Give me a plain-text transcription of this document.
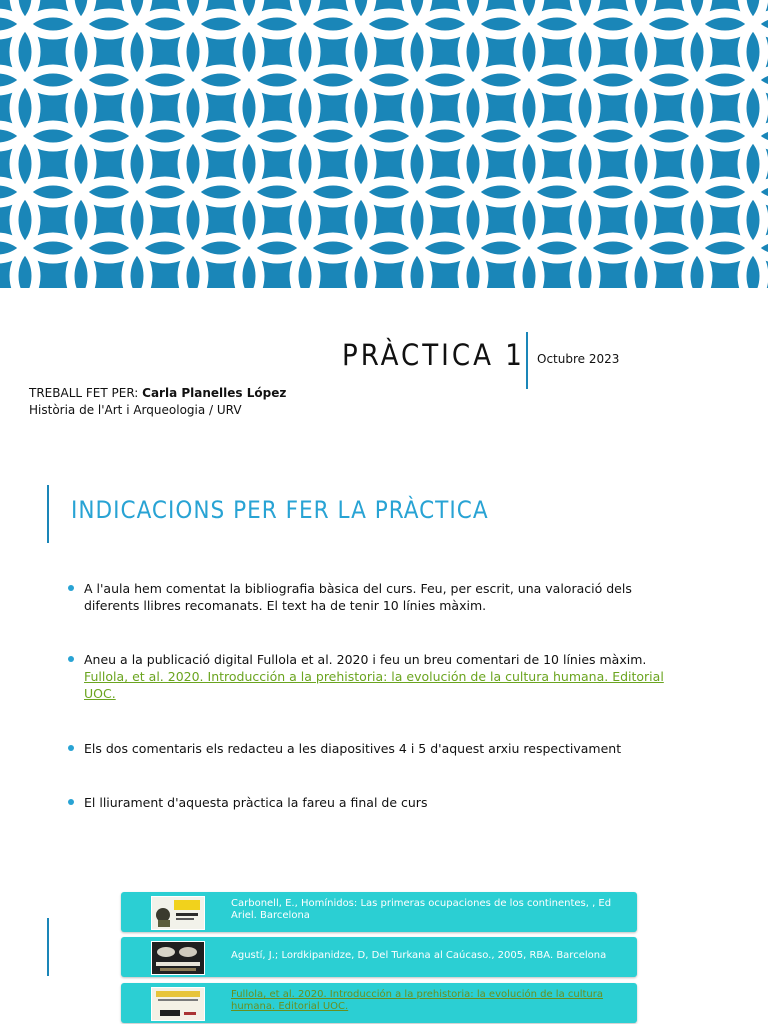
PRÀCTICA 1 Octubre 2023
TREBALL FET PER: Carla Planelles López
Història de l'Art i Arqueologia / URV
INDICACIONS PER FER LA PRÀCTICA
A l'aula hem comentat la bibliografia bàsica del curs. Feu, per escrit, una valoració dels diferents llibres recomanats. El text ha de tenir 10 línies màxim.
Aneu a la publicació digital Fullola et al. 2020 i feu un breu comentari de 10 línies màxim.
Fullola, et al. 2020. Introducción a la prehistoria: la evolución de la cultura humana. Editorial UOC.
Els dos comentaris els redacteu a les diapositives 4 i 5 d'aquest arxiu respectivament
El lliurament d'aquesta pràctica la fareu a final de curs
Carbonell, E., Homínidos: Las primeras ocupaciones de los continentes, , Ed Ariel. Barcelona
Agustí, J.; Lordkipanidze, D, Del Turkana al Caúcaso., 2005, RBA. Barcelona
Fullola, et al. 2020. Introducción a la prehistoria: la evolución de la cultura humana. Editorial UOC.
